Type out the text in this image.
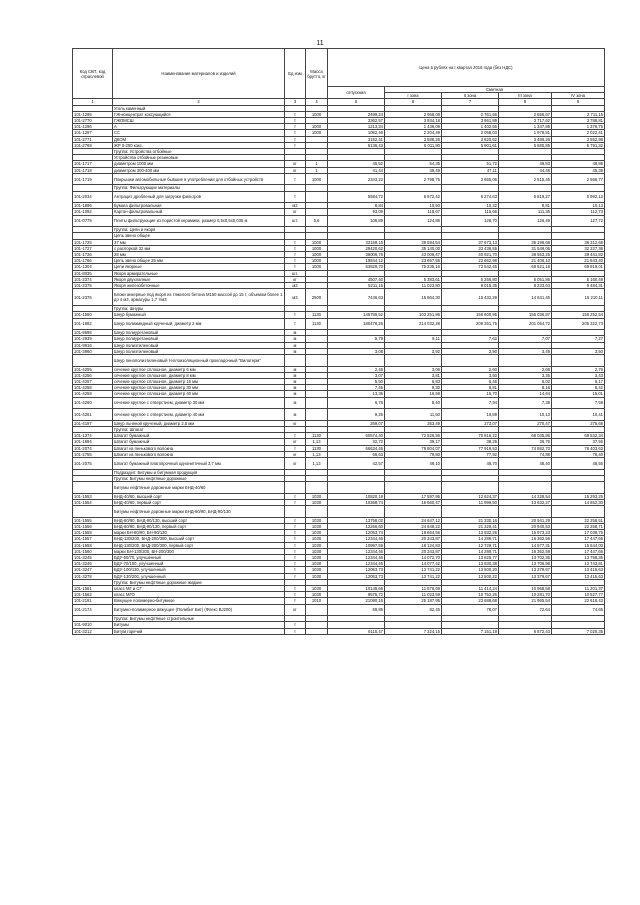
11
Код СКП, код отраслевой	Наименование материалов и изделий	Ед изм	Масса брутто, кг	Цена в рублях на I квартал 2016 года (без НДС)				
				отпускная	Сметная			
					I зона	II зона	III зона	IV зона
1	2	3	4	5	6	7	8	9
	Уголь каменный							
101-1295	ГЖ-концентрат коксующийся	т	1000	2499,24	2 958,08	2 761,66	2 656,67	2 711,15
101-2770	ГЖОМСШ	т		3362,57	3 934,18	3 661,89	3 717,62	3 788,81
101-1296	А	т	1000	1213,34	1 436,09	1 402,55	1 347,85	1 376,75
101-1297	СС	т	1000	1062,46	2 204,49	2 058,03	1 978,81	2 022,41
101-2771	ДКОМ	т		3152,41	3 588,26	3 620,62	3 486,26	3 552,98
101-2769	ЖР 0-200 кокс.	т		5136,43	6 011,80	5 901,61	5 680,85	5 791,32
	Группа: Устройства отбойные							
	Устройства отбойные резиновые							
101-1717	диаметром 1000 мм	кг	1	45,52	54,35	51,72	49,83	48,86
101-1718	диаметром 300-400 мм	кг	1	41,44	49,49	47,11	44,48	45,39
101-1719	Покрышки автомобильные бывшие в употреблении для отбойных устройств	т	1000	2343,22	2 798,75	2 665,06	2 515,45	2 566,77
	Группа: Фильтрующие материалы							
101-2034	Антрацит дробленый для загрузки фильтров	т		5584,72	6 672,42	6 274,63	5 819,27	5 992,12
101-1696	Бумага фильтровальная	м2		8,84	10,50	10,32	9,81	10,13
101-1092	Картон фильтровальный	кг		93,09	118,67	115,66	111,35	112,73
101-0779	Плиты фильтрующие из пористой керамики, размер 0,5х0,5х0,035 м	шт.	5,6	106,89	124,86	128,70	126,49	127,72
	Группа: Цепи и якоря							
	Цепь звено общее							
101-1725	37 мм	т	1000	33159,15	39 594,54	37 673,13	35 198,68	36 312,68
101-1727	с распоркой 32 мм	т	1000	29420,62	35 140,00	33 436,55	31 549,06	32 227,36
101-1726	28 мм	т	1000	36006,76	43 006,47	40 921,70	38 553,25	39 441,82
101-1766	Цепь звено общее 25 мм	т	1000	19844,12	23 657,55	22 662,98	21 406,10	21 843,40
101-1304	Цепи якорные	т	1000	63829,70	75 235,16	72 542,45	68 521,18	69 919,01
101-8035	Якоря армирательные	шт.						
101-2374	Якоря двухлапные	кг		4507,40	5 383,61	5 256,80	5 051,86	5 160,49
101-2375	Якоря железобетонные	м3		5211,15	11 023,80	9 015,35	8 233,63	9 484,31
101-2376	Блоки анкерные под якоря из тяжелого бетона М150 массой до 15 т, объемом более 1 до 4 м3, арматуры 1,7 т/м3	м3	2500	7446,63	15 864,30	15 432,29	14 841,45	15 210,11
	Группа: Шнуры							
101-1560	Шнур бумажный	т	1130	145789,52	103 251,86	156 600,95	155 036,87	158 252,54
101-1682	Шнур полиамидный крученый, диаметр 2 мм	т	1130	180478,26	214 032,28	209 261,75	201 054,72	205 322,73
101-9698	Шнур полиуретановый	м						
101-2939	Шнур полиуретановый	м		5,79	8,11	7,62	7,07	7,27
101-9916	Шнур полиэтиленовый	м						
101-3960	Шнур полиэтиленовый	м		3,08	3,92	3,90	3,49	3,50
	Шнур пенополиэтиленовый теплоизоляционный прокладочный "Вилатерм"							
101-4255	сечение круглое сплошное, диаметр 6 мм	м		2,46	3,06	2,60	2,69	2,76
101-4256	сечение круглое сплошное, диаметр 8 мм	м		3,07	3,81	3,50	3,35	3,43
101-4257	сечение круглое сплошное, диаметр 15 мм	м		5,50	6,83	6,46	6,02	6,17
101-4258	сечение круглое сплошное, диаметр 30 мм	м		7,46	9,30	8,81	8,18	8,42
101-4259	сечение круглое сплошное, диаметр 40 мм	м		13,36	16,59	15,70	14,64	15,01
101-4260	сечение круглое с отверстием, диаметр 30 мм	м		6,76	8,40	7,94	7,38	7,59
101-4261	сечение круглое с отверстием, диаметр 40 мм	м		9,26	11,50	10,89	10,13	10,41
101-4197	Шнур льняной крученый, диаметр 2,5 мм	кг		269,07	263,49	273,07	270,47	275,68
	Группа: Шпагат							
101-1374	Шпагат бумажный	т	1130	60574,40	72 526,56	70 816,22	68 035,86	69 532,34
101-1694	Шпагат бумажный	кг	1,13	32,72	39,17	38,25	36,76	37,55
101-2074	Шпагат из пенькового волокна	т	1130	66634,45	79 804,07	77 919,53	74 882,70	76 403,63
101-2755	Шпагат из пенькового волокна	кг	1,13	66,63	79,80	77,92	74,88	76,40
101-2075	Шпагат бумажный влагопрочный однониточный 3,7 мм	кг	1,13	42,57	49,10	48,70	48,40	48,55
	Подраздел: Битумы и битумная продукция							
	Группа: Битумы нефтяные дорожные							
	Битумы нефтяные дорожные марки БНД-40/60							
101-1553	БНД-40/60, высший сорт	т	1030	10820,19	17 597,95	12 624,37	14 228,54	15 293,25
101-1554	БНД-40/60, первый сорт	т	1030	10368,74	16 660,47	11 999,50	13 632,27	14 652,30
	Битумы нефтяные дорожные марки БНД-60/90, БНД-90/130							
101-1555	БНД-60/90, БНД-90/130, высший сорт	т	1030	13758,02	24 647,12	21 330,16	20 941,29	22 258,51
101-1556	БНД-60/90, БНД-90/130, первый сорт	т	1030	12266,60	24 848,22	21 329,41	20 940,53	22 258,71
101-1559	марки БН-60/90, БН-90/130	т	1030	12053,74	18 664,56	13 932,26	15 973,23	17 038,75
101-1557	БНД-130/200, БНД-200/300, высший сорт	т	1030	12344,46	20 343,87	14 289,71	16 362,56	17 447,66
101-1558	БНД-130/200, БНД-200/300, первый сорт	т	1030	10997,59	18 124,83	12 729,71	14 577,31	15 544,00
101-1560	марки БН-130/200, БН-200/300	т	1030	12344,46	20 343,87	14 289,71	16 362,59	17 447,66
101-3245	БДУ-50/70, улучшенный	т	1030	12344,46	14 072,70	13 825,77	13 702,36	13 758,35
101-3246	БДУ-70/100, улучшенный	т	1030	12344,46	14 077,42	13 830,38	13 706,98	13 743,81
101-3247	БДУ-100/130, улучшенный	т	1030	12053,73	13 741,22	13 500,20	13 379,67	13 415,63
101-3278	БДУ-130/200, улучшенный	т	1030	12053,73	13 741,22	13 500,22	13 379,67	13 415,63
	Группа: Битумы нефтяные дорожные жидкие							
101-1561	класс МГ и СГ	т	1030	10145,66	11 676,69	11 414,24	10 968,58	11 201,37
101-1562	класс МГО	т	1030	9575,72	11 023,59	10 752,26	10 281,70	10 527,77
101-2191	Вяжущее полимерно-битумное	т	1010	21080,16	25 187,95	23 688,68	21 965,54	22 618,43
101-2174	Битумно-полимерное вяжущее (Полибит Бит) (Флекс BJ200)	кг		69,85	82,45	78,07	72,64	74,65
	Группа: Битумы нефтяные строительные							
101-9010	Битумы	т						
101-3212	Битум горячий	т		6115,47	7 324,15	7 151,19	6 872,43	7 020,35
